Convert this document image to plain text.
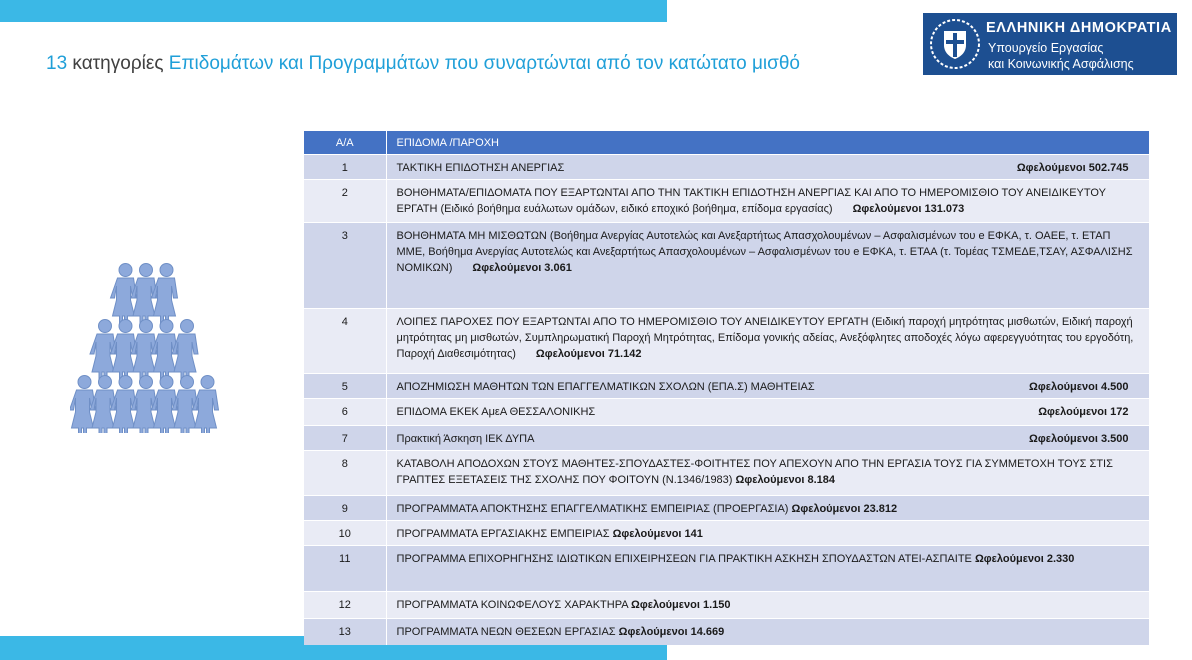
13 κατηγορίες Επιδομάτων και Προγραμμάτων που συναρτώνται από τον κατώτατο μισθό
ΕΛΛΗΝΙΚΗ ΔΗΜΟΚΡΑΤΙΑ
Υπουργείο Εργασίας
και Κοινωνικής Ασφάλισης
Α/Α	ΕΠΙΔΟΜΑ /ΠΑΡΟΧΗ
1	ΤΑΚΤΙΚΗ ΕΠΙΔΟΤΗΣΗ ΑΝΕΡΓΙΑΣ Ωφελούμενοι 502.745

2	ΒΟΗΘΗΜΑΤΑ/ΕΠΙΔΟΜΑΤΑ ΠΟΥ ΕΞΑΡΤΩΝΤΑΙ ΑΠΟ ΤΗΝ ΤΑΚΤΙΚΗ ΕΠΙΔΟΤΗΣΗ ΑΝΕΡΓΙΑΣ ΚΑΙ ΑΠΟ ΤΟ ΗΜΕΡΟΜΙΣΘΙΟ ΤΟΥ ΑΝΕΙΔΙΚΕΥΤΟΥ ΕΡΓΑΤΗ (Ειδικό βοήθημα ευάλωτων ομάδων, ειδικό εποχικό βοήθημα, επίδομα εργασίας) Ωφελούμενοι 131.073
3	ΒΟΗΘΗΜΑΤΑ ΜΗ ΜΙΣΘΩΤΩΝ (Βοήθημα Ανεργίας Αυτοτελώς και Ανεξαρτήτως Απασχολουμένων – Ασφαλισμένων του e ΕΦΚΑ, τ. ΟΑΕΕ, τ. ΕΤΑΠ ΜΜΕ, Βοήθημα Ανεργίας Αυτοτελώς και Ανεξαρτήτως Απασχολουμένων – Ασφαλισμένων του e ΕΦΚΑ, τ. ΕΤΑΑ (τ. Τομέας ΤΣΜΕΔΕ,ΤΣΑΥ, ΑΣΦΑΛΙΣΗΣ ΝΟΜΙΚΩΝ) Ωφελούμενοι 3.061
4	ΛΟΙΠΕΣ ΠΑΡΟΧΕΣ ΠΟΥ ΕΞΑΡΤΩΝΤΑΙ ΑΠΟ ΤΟ ΗΜΕΡΟΜΙΣΘΙΟ ΤΟΥ ΑΝΕΙΔΙΚΕΥΤΟΥ ΕΡΓΑΤΗ (Ειδική παροχή μητρότητας μισθωτών, Ειδική παροχή μητρότητας μη μισθωτών, Συμπληρωματική Παροχή Μητρότητας, Επίδομα γονικής αδείας, Ανεξόφλητες αποδοχές λόγω αφερεγγυότητας του εργοδότη, Παροχή Διαθεσιμότητας) Ωφελούμενοι 71.142
5	ΑΠΟΖΗΜΙΩΣΗ ΜΑΘΗΤΩΝ ΤΩΝ ΕΠΑΓΓΕΛΜΑΤΙΚΩΝ ΣΧΟΛΩΝ (ΕΠΑ.Σ) ΜΑΘΗΤΕΙΑΣ Ωφελούμενοι 4.500

6	ΕΠΙΔΟΜΑ ΕΚΕΚ ΑμεΑ ΘΕΣΣΑΛΟΝΙΚΗΣ Ωφελούμενοι 172

7	Πρακτική Άσκηση ΙΕΚ ΔΥΠΑ Ωφελούμενοι 3.500

8	ΚΑΤΑΒΟΛΗ ΑΠΟΔΟΧΩΝ ΣΤΟΥΣ ΜΑΘΗΤΕΣ-ΣΠΟΥΔΑΣΤΕΣ-ΦΟΙΤΗΤΕΣ ΠΟΥ ΑΠΕΧΟΥΝ ΑΠΟ ΤΗΝ ΕΡΓΑΣΙΑ ΤΟΥΣ ΓΙΑ ΣΥΜΜΕΤΟΧΗ ΤΟΥΣ ΣΤΙΣ ΓΡΑΠΤΕΣ ΕΞΕΤΑΣΕΙΣ ΤΗΣ ΣΧΟΛΗΣ ΠΟΥ ΦΟΙΤΟΥΝ (Ν.1346/1983) Ωφελούμενοι 8.184
9	ΠΡΟΓΡΑΜΜΑΤΑ ΑΠΟΚΤΗΣΗΣ ΕΠΑΓΓΕΛΜΑΤΙΚΗΣ ΕΜΠΕΙΡΙΑΣ (ΠΡΟΕΡΓΑΣΙΑ) Ωφελούμενοι 23.812
10	ΠΡΟΓΡΑΜΜΑΤΑ ΕΡΓΑΣΙΑΚΗΣ ΕΜΠΕΙΡΙΑΣ Ωφελούμενοι 141
11	ΠΡΟΓΡΑΜΜΑ ΕΠΙΧΟΡΗΓΗΣΗΣ ΙΔΙΩΤΙΚΩΝ ΕΠΙΧΕΙΡΗΣΕΩΝ ΓΙΑ ΠΡΑΚΤΙΚΗ ΑΣΚΗΣΗ ΣΠΟΥΔΑΣΤΩΝ ΑΤΕΙ-ΑΣΠΑΙΤΕ Ωφελούμενοι 2.330
12	ΠΡΟΓΡΑΜΜΑΤΑ ΚΟΙΝΩΦΕΛΟΥΣ ΧΑΡΑΚΤΗΡΑ Ωφελούμενοι 1.150
13	ΠΡΟΓΡΑΜΜΑΤΑ ΝΕΩΝ ΘΕΣΕΩΝ ΕΡΓΑΣΙΑΣ Ωφελούμενοι 14.669
